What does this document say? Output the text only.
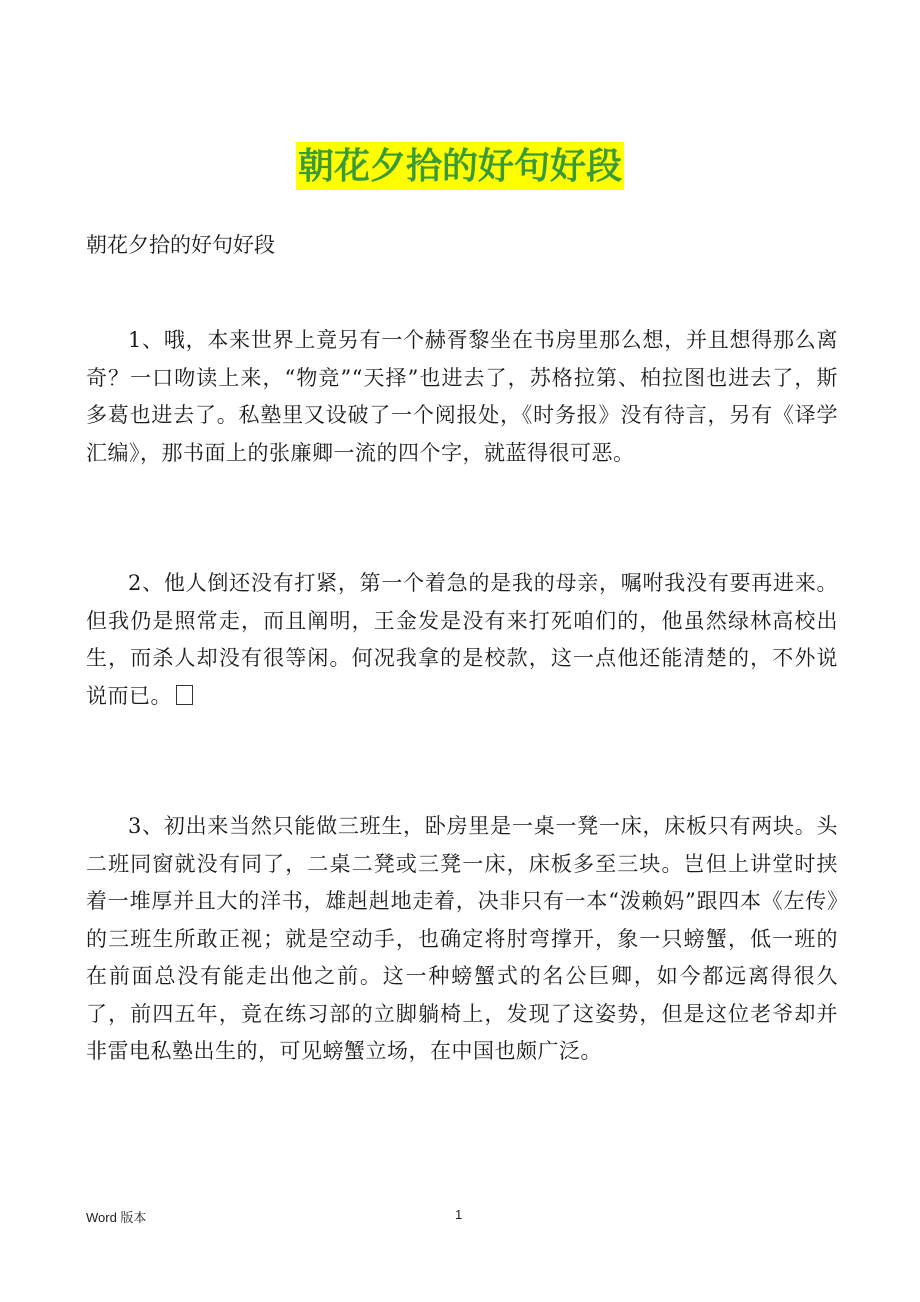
朝花夕拾的好句好段
朝花夕拾的好句好段

1、哦，本来世界上竟另有一个赫胥黎坐在书房里那么想，并且想得那么离奇？一口吻读上来，“物竞”“天择”也进去了，苏格拉第、柏拉图也进去了，斯多葛也进去了。私塾里又设破了一个阅报处，《时务报》没有待言，另有《译学汇编》，那书面上的张廉卿一流的四个字，就蓝得很可恶。

2、他人倒还没有打紧，第一个着急的是我的母亲，嘱咐我没有要再进来。但我仍是照常走，而且阐明，王金发是没有来打死咱们的，他虽然绿林高校出生，而杀人却没有很等闲。何况我拿的是校款，这一点他还能清楚的，不外说说而已。

3、初出来当然只能做三班生，卧房里是一桌一凳一床，床板只有两块。头二班同窗就没有同了，二桌二凳或三凳一床，床板多至三块。岂但上讲堂时挟着一堆厚并且大的洋书，雄赳赳地走着，决非只有一本“泼赖妈”跟四本《左传》的三班生所敢正视；就是空动手，也确定将肘弯撑开，象一只螃蟹，低一班的在前面总没有能走出他之前。这一种螃蟹式的名公巨卿，如今都远离得很久了，前四五年，竟在练习部的立脚躺椅上，发现了这姿势，但是这位老爷却并非雷电私塾出生的，可见螃蟹立场，在中国也颇广泛。

Word 版本	1
